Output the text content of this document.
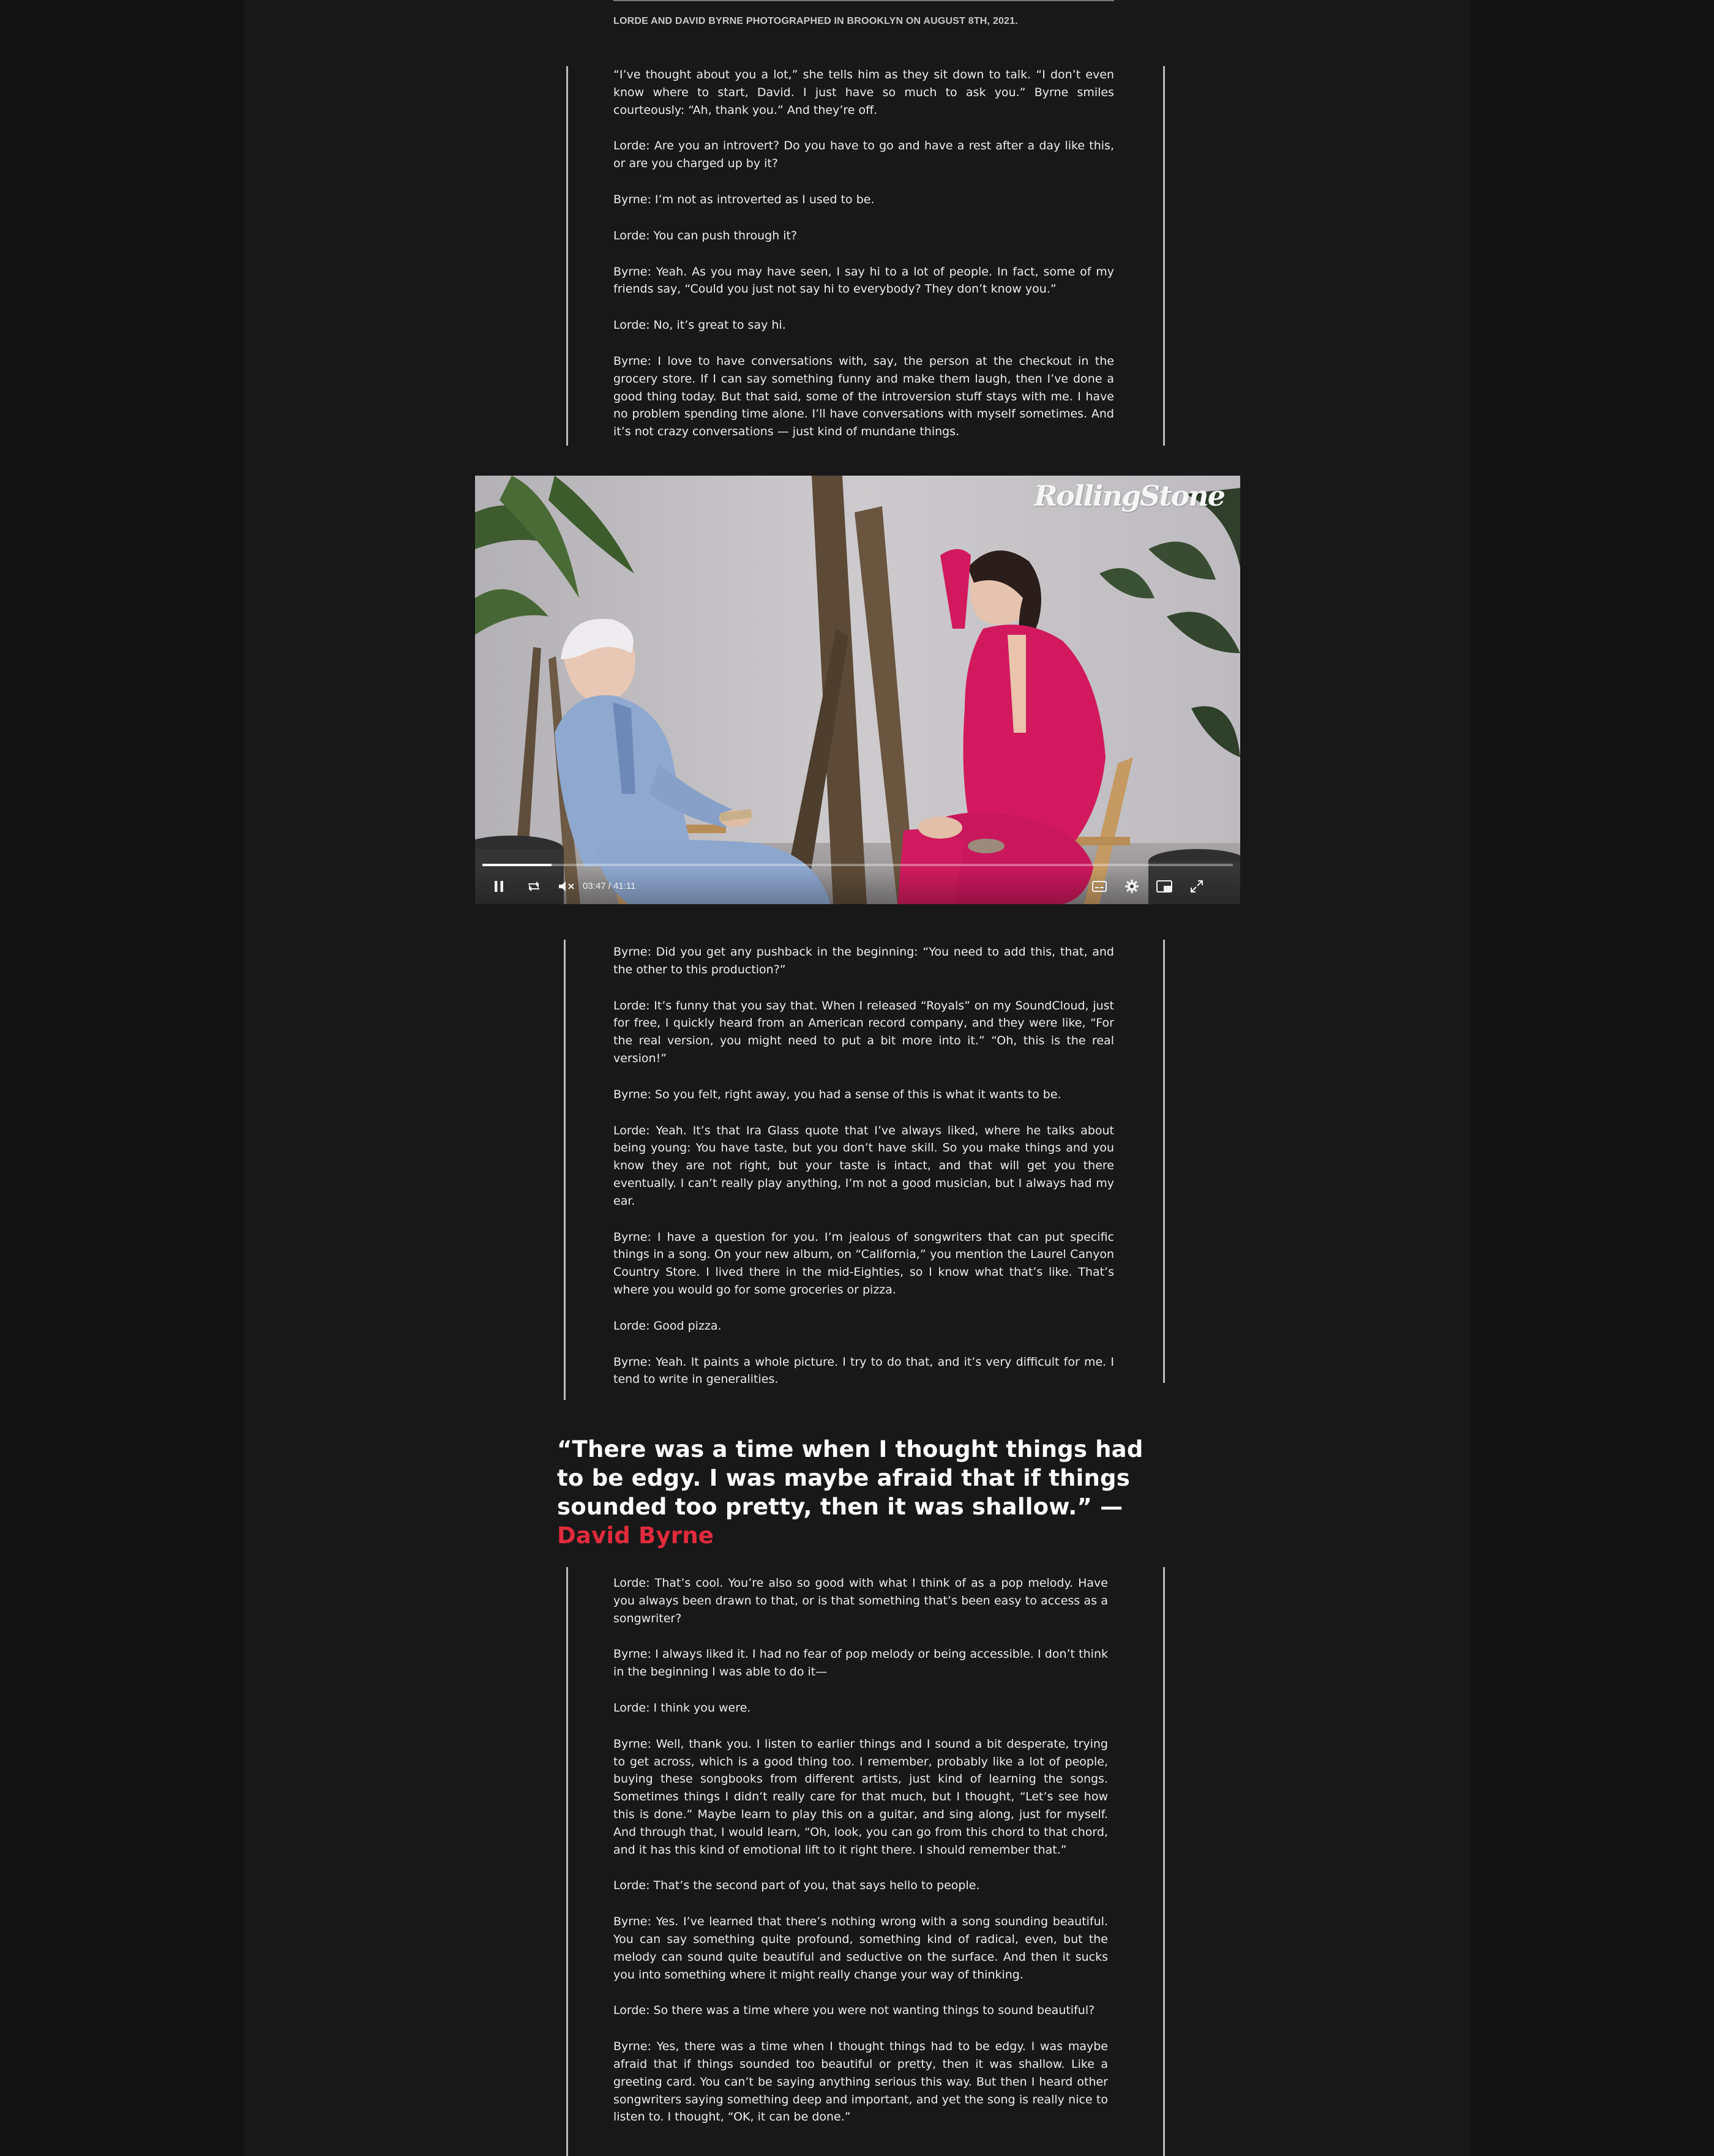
LORDE AND DAVID BYRNE PHOTOGRAPHED IN BROOKLYN ON AUGUST 8TH, 2021.

“I’ve thought about you a lot,” she tells him as they sit down to talk. “I don’t even know where to start, David. I just have so much to ask you.” Byrne smiles courteously: “Ah, thank you.” And they’re off.

Lorde: Are you an introvert? Do you have to go and have a rest after a day like this, or are you charged up by it?

Byrne: I’m not as introverted as I used to be.

Lorde: You can push through it?

Byrne: Yeah. As you may have seen, I say hi to a lot of people. In fact, some of my friends say, “Could you just not say hi to everybody? They don’t know you.”

Lorde: No, it’s great to say hi.

Byrne: I love to have conversations with, say, the person at the checkout in the grocery store. If I can say something funny and make them laugh, then I’ve done a good thing today. But that said, some of the introversion stuff stays with me. I have no problem spending time alone. I’ll have conversations with myself sometimes. And it’s not crazy conversations — just kind of mundane things.

RollingStone
03:47 / 41:11

Byrne: Did you get any pushback in the beginning: “You need to add this, that, and the other to this production?”

Lorde: It’s funny that you say that. When I released “Royals” on my SoundCloud, just for free, I quickly heard from an American record company, and they were like, “For the real version, you might need to put a bit more into it.” “Oh, this is the real version!”

Byrne: So you felt, right away, you had a sense of this is what it wants to be.

Lorde: Yeah. It’s that Ira Glass quote that I’ve always liked, where he talks about being young: You have taste, but you don’t have skill. So you make things and you know they are not right, but your taste is intact, and that will get you there eventually. I can’t really play anything, I’m not a good musician, but I always had my ear.

Byrne: I have a question for you. I’m jealous of songwriters that can put specific things in a song. On your new album, on “California,” you mention the Laurel Canyon Country Store. I lived there in the mid-Eighties, so I know what that’s like. That’s where you would go for some groceries or pizza.

Lorde: Good pizza.

Byrne: Yeah. It paints a whole picture. I try to do that, and it’s very difficult for me. I tend to write in generalities.

“There was a time when I thought things had to be edgy. I was maybe afraid that if things sounded too pretty, then it was shallow.” — David Byrne

Lorde: That’s cool. You’re also so good with what I think of as a pop melody. Have you always been drawn to that, or is that something that’s been easy to access as a songwriter?

Byrne: I always liked it. I had no fear of pop melody or being accessible. I don’t think in the beginning I was able to do it—

Lorde: I think you were.

Byrne: Well, thank you. I listen to earlier things and I sound a bit desperate, trying to get across, which is a good thing too. I remember, probably like a lot of people, buying these songbooks from different artists, just kind of learning the songs. Sometimes things I didn’t really care for that much, but I thought, “Let’s see how this is done.” Maybe learn to play this on a guitar, and sing along, just for myself. And through that, I would learn, “Oh, look, you can go from this chord to that chord, and it has this kind of emotional lift to it right there. I should remember that.”

Lorde: That’s the second part of you, that says hello to people.

Byrne: Yes. I’ve learned that there’s nothing wrong with a song sounding beautiful. You can say something quite profound, something kind of radical, even, but the melody can sound quite beautiful and seductive on the surface. And then it sucks you into something where it might really change your way of thinking.

Lorde: So there was a time where you were not wanting things to sound beautiful?

Byrne: Yes, there was a time when I thought things had to be edgy. I was maybe afraid that if things sounded too beautiful or pretty, then it was shallow. Like a greeting card. You can’t be saying anything serious this way. But then I heard other songwriters saying something deep and important, and yet the song is really nice to listen to. I thought, “OK, it can be done.”
